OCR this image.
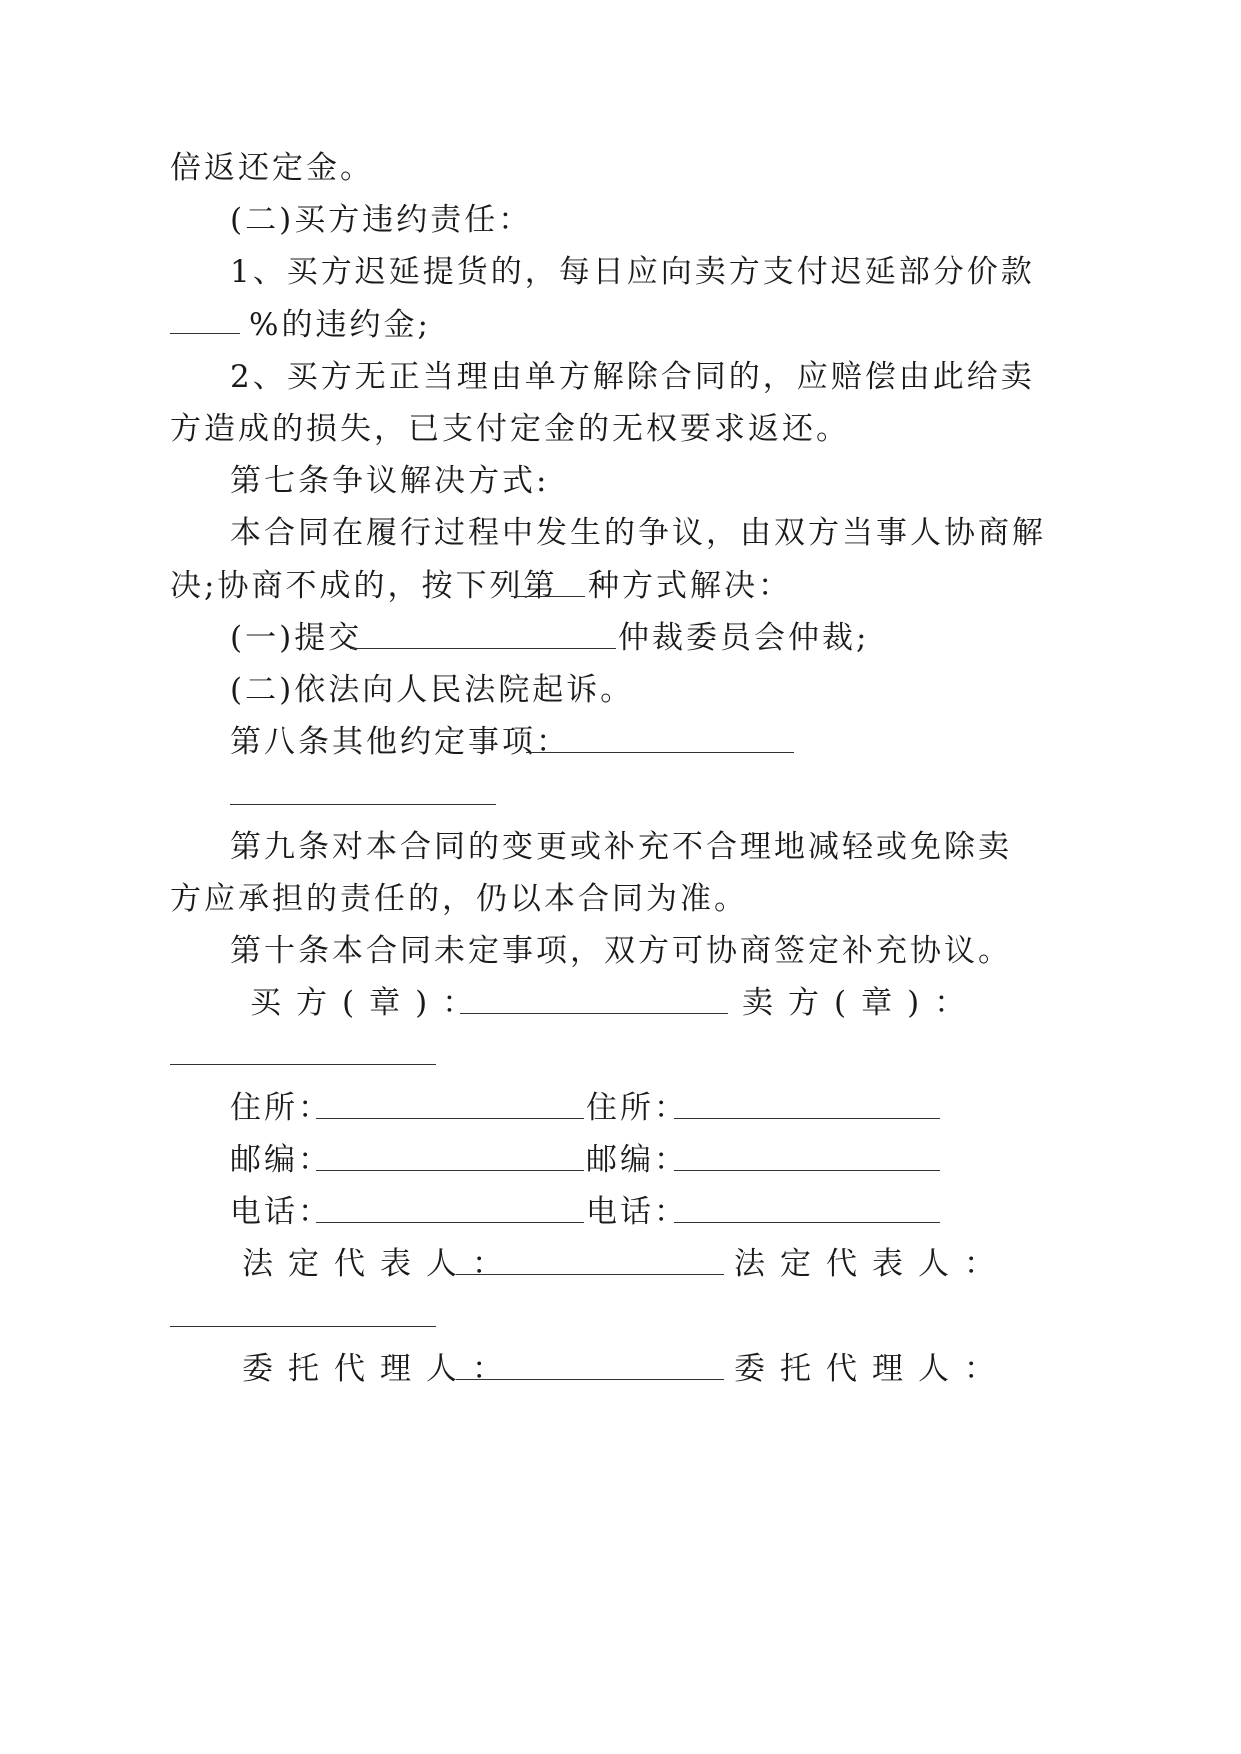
倍返还定金。
(二)买方违约责任：
1、买方迟延提货的，每日应向卖方支付迟延部分价款
%的违约金;
2、买方无正当理由单方解除合同的，应赔偿由此给卖
方造成的损失，已支付定金的无权要求返还。
第七条争议解决方式:
本合同在履行过程中发生的争议，由双方当事人协商解
决;协商不成的，按下列第 种方式解决：
(一)提交	仲裁委员会仲裁;
(二)依法向人民法院起诉。
第八条其他约定事项：
第九条对本合同的变更或补充不合理地减轻或免除卖
方应承担的责任的，仍以本合同为准。
第十条本合同未定事项，双方可协商签定补充协议。
买方(章)：	卖方(章)：
住所：	住所：
邮编：	邮编：
电话：	电话：
法定代表人：	法定代表人：
委托代理人：	委托代理人：
